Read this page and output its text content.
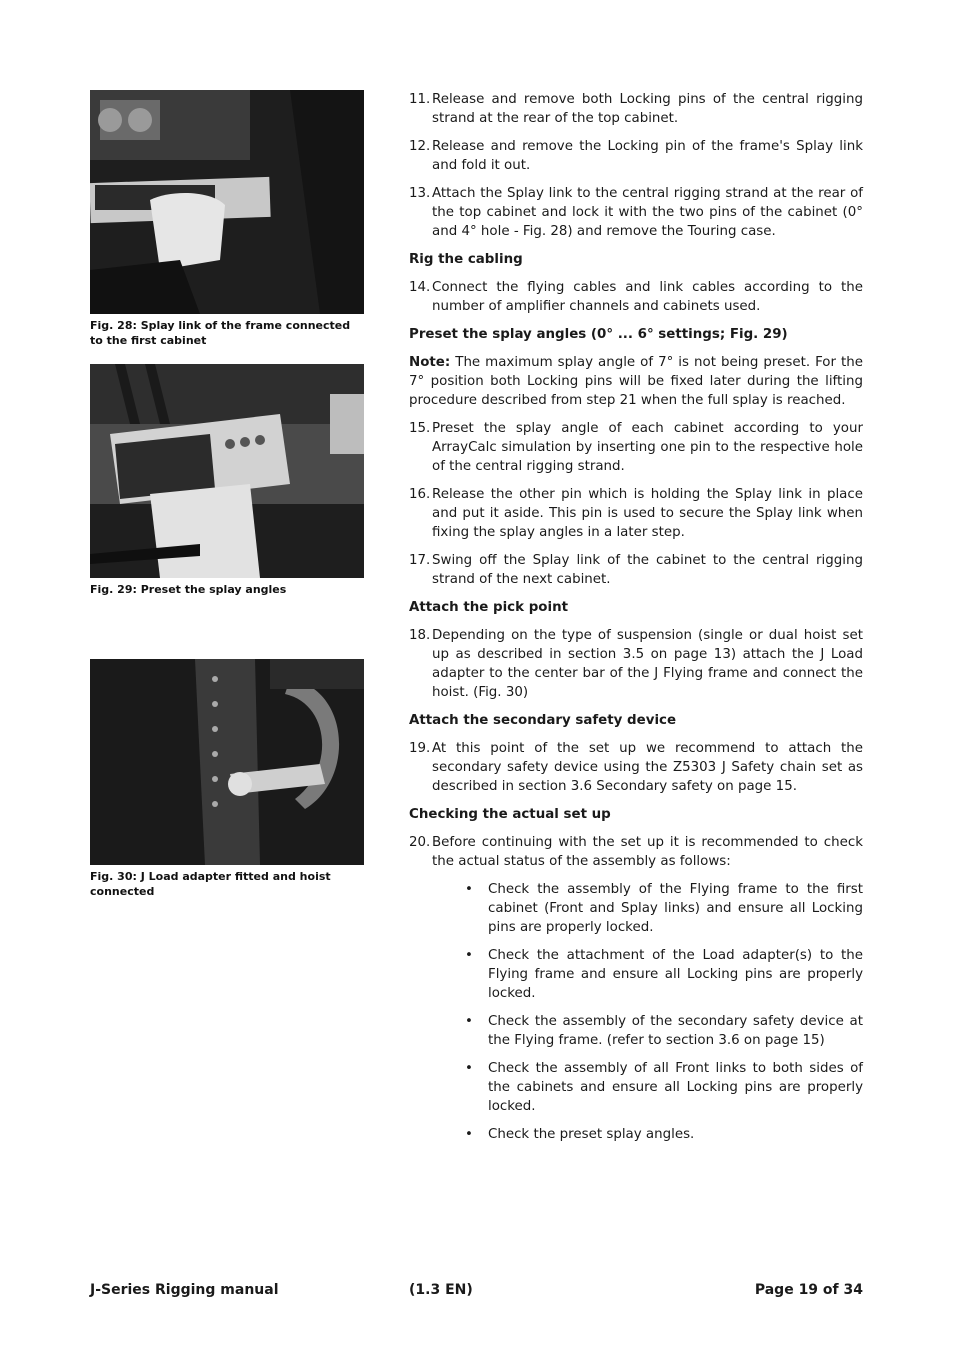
Fig. 28: Splay link of the frame connected to the first cabinet
Fig. 29: Preset the splay angles
Fig. 30: J Load adapter fitted and hoist connected
11. Release and remove both Locking pins of the central rigging strand at the rear of the top cabinet.
12. Release and remove the Locking pin of the frame's Splay link and fold it out.
13. Attach the Splay link to the central rigging strand at the rear of the top cabinet and lock it with the two pins of the cabinet (0° and 4° hole - Fig. 28) and remove the Touring case.
Rig the cabling
14. Connect the flying cables and link cables according to the number of amplifier channels and cabinets used.
Preset the splay angles (0° ... 6° settings; Fig. 29)
Note: The maximum splay angle of 7° is not being preset. For the 7° position both Locking pins will be fixed later during the lifting procedure described from step 21 when the full splay is reached.
15. Preset the splay angle of each cabinet according to your ArrayCalc simulation by inserting one pin to the respective hole of the central rigging strand.
16. Release the other pin which is holding the Splay link in place and put it aside. This pin is used to secure the Splay link when fixing the splay angles in a later step.
17. Swing off the Splay link of the cabinet to the central rigging strand of the next cabinet.
Attach the pick point
18. Depending on the type of suspension (single or dual hoist set up as described in section 3.5 on page 13) attach the J Load adapter to the center bar of the J Flying frame and connect the hoist. (Fig. 30)
Attach the secondary safety device
19. At this point of the set up we recommend to attach the secondary safety device using the Z5303 J Safety chain set as described in section 3.6 Secondary safety on page 15.
Checking the actual set up
20. Before continuing with the set up it is recommended to check the actual status of the assembly as follows:
•	Check the assembly of the Flying frame to the first cabinet (Front and Splay links) and ensure all Locking pins are properly locked.
•	Check the attachment of the Load adapter(s) to the Flying frame and ensure all Locking pins are properly locked.
•	Check the assembly of the secondary safety device at the Flying frame. (refer to section 3.6 on page 15)
•	Check the assembly of all Front links to both sides of the cabinets and ensure all Locking pins are properly locked.
•	Check the preset splay angles.
J-Series Rigging manual	(1.3 EN)	Page 19 of 34
